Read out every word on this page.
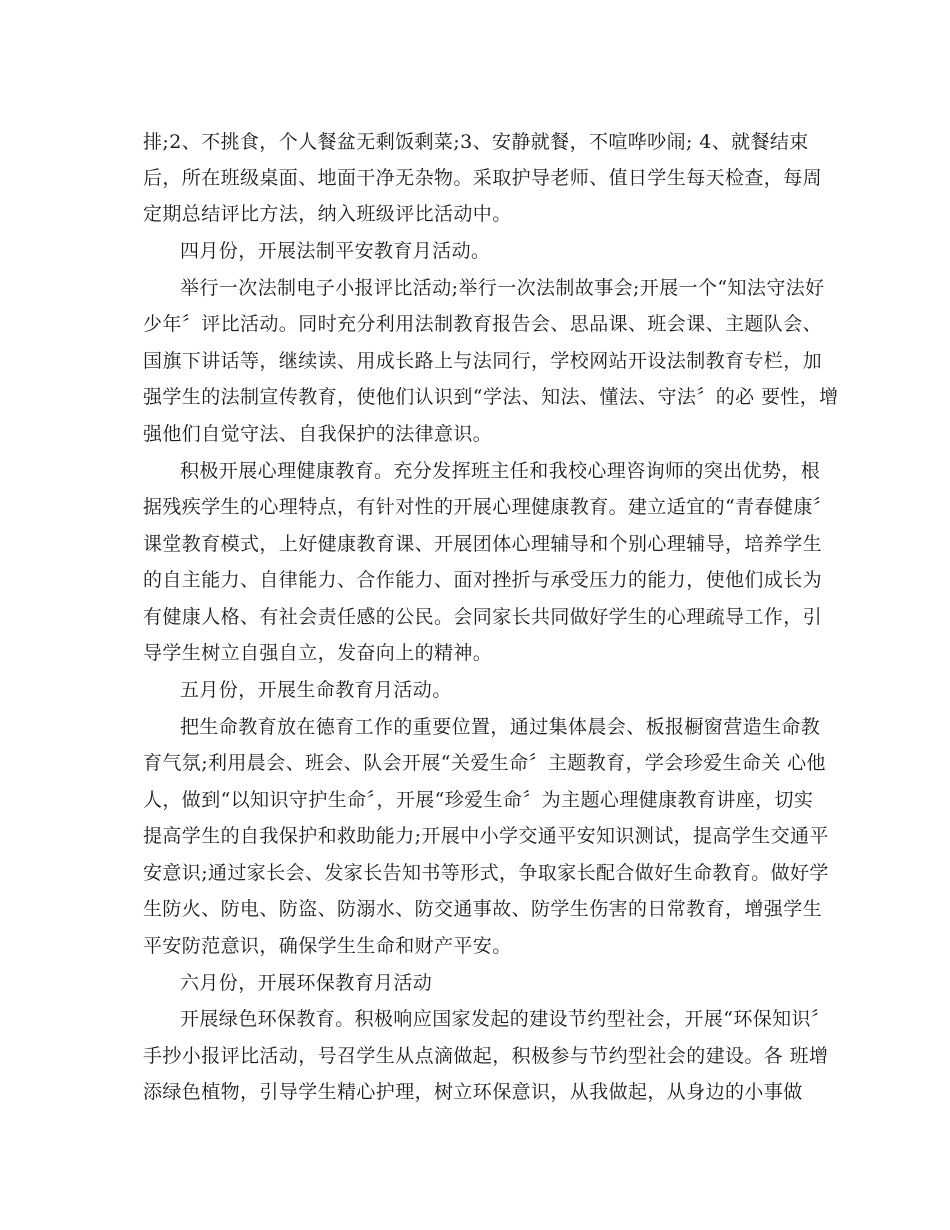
排;2、不挑食，个人餐盆无剩饭剩菜;3、安静就餐，不喧哗吵闹; 4、就餐结束
后，所在班级桌面、地面干净无杂物。采取护导老师、值日学生每天检查，每周
定期总结评比方法，纳入班级评比活动中。
四月份，开展法制平安教育月活动。
举行一次法制电子小报评比活动;举行一次法制故事会;开展一个“知法守法好
少年〞评比活动。同时充分利用法制教育报告会、思品课、班会课、主题队会、
国旗下讲话等，继续读、用成长路上与法同行，学校网站开设法制教育专栏，加
强学生的法制宣传教育，使他们认识到“学法、知法、懂法、守法〞的必 要性，增
强他们自觉守法、自我保护的法律意识。
积极开展心理健康教育。充分发挥班主任和我校心理咨询师的突出优势，根
据残疾学生的心理特点，有针对性的开展心理健康教育。建立适宜的“青春健康〞
课堂教育模式，上好健康教育课、开展团体心理辅导和个别心理辅导，培养学生
的自主能力、自律能力、合作能力、面对挫折与承受压力的能力，使他们成长为
有健康人格、有社会责任感的公民。会同家长共同做好学生的心理疏导工作，引
导学生树立自强自立，发奋向上的精神。
五月份，开展生命教育月活动。
把生命教育放在德育工作的重要位置，通过集体晨会、板报橱窗营造生命教
育气氛;利用晨会、班会、队会开展“关爱生命〞主题教育，学会珍爱生命关 心他
人，做到“以知识守护生命〞，开展“珍爱生命〞为主题心理健康教育讲座，切实
提高学生的自我保护和救助能力;开展中小学交通平安知识测试，提高学生交通平
安意识;通过家长会、发家长告知书等形式，争取家长配合做好生命教育。做好学
生防火、防电、防盗、防溺水、防交通事故、防学生伤害的日常教育，增强学生
平安防范意识，确保学生生命和财产平安。
六月份，开展环保教育月活动
开展绿色环保教育。积极响应国家发起的建设节约型社会，开展“环保知识〞
手抄小报评比活动，号召学生从点滴做起，积极参与节约型社会的建设。各 班增
添绿色植物，引导学生精心护理，树立环保意识，从我做起，从身边的小事做
